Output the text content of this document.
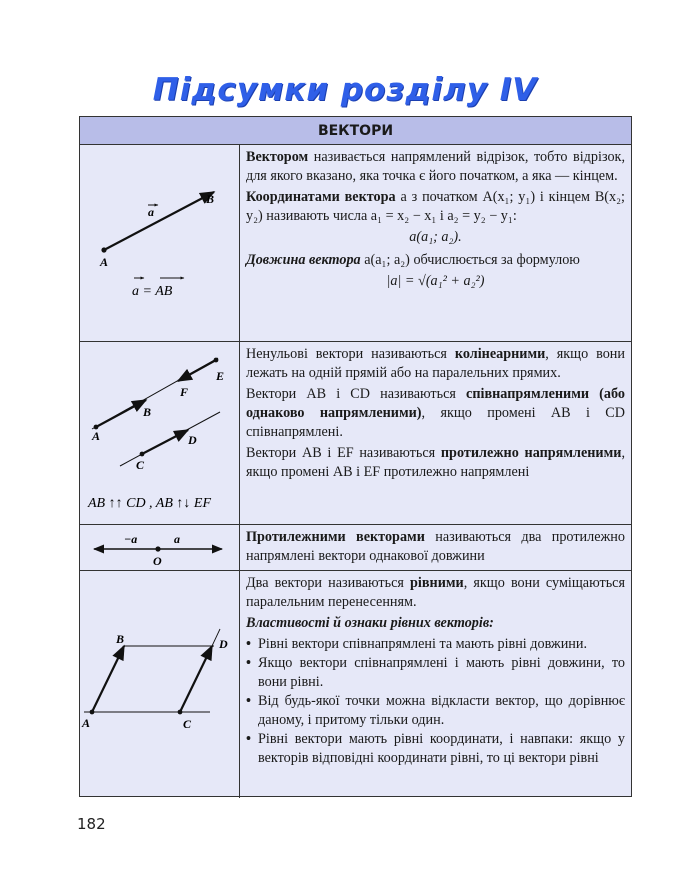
Підсумки розділу IV
ВЕКТОРИ
a
A
B
a = AB

Вектором називається напрямлений відрізок, тобто відрізок, для якого вказано, яка точка є його початком, а яка — кінцем.

Координатами вектора a з початком A(x₁; y₁) і кінцем B(x₂; y₂) називають числа a₁ = x₂ − x₁ і a₂ = y₂ − y₁:

a(a₁; a₂).

Довжина вектора a(a₁; a₂) обчислюється за формулою

|a| = √(a₁² + a₂²)

A
B
C
D
E
F
AB ↑↑ CD , AB ↑↓ EF

Ненульові вектори називаються колінеарними, якщо вони лежать на одній прямій або на паралельних прямих.

Вектори AB і CD називаються співнапрямленими (або однаково напрямленими), якщо промені AB і CD співнапрямлені.

Вектори AB і EF називаються протилежно напрямленими, якщо промені AB і EF протилежно напрямлені

−a	a
O

Протилежними векторами називаються два протилежно напрямлені вектори однакової довжини

A
B
C
D

Два вектори називаються рівними, якщо вони суміщаються паралельним перенесенням.

Властивості й ознаки рівних векторів:

• Рівні вектори співнапрямлені та мають рівні довжини.
• Якщо вектори співнапрямлені і мають рівні довжини, то вони рівні.
• Від будь-якої точки можна відкласти вектор, що дорівнює даному, і притому тільки один.
• Рівні вектори мають рівні координати, і навпаки: якщо у векторів відповідні координати рівні, то ці вектори рівні
182
